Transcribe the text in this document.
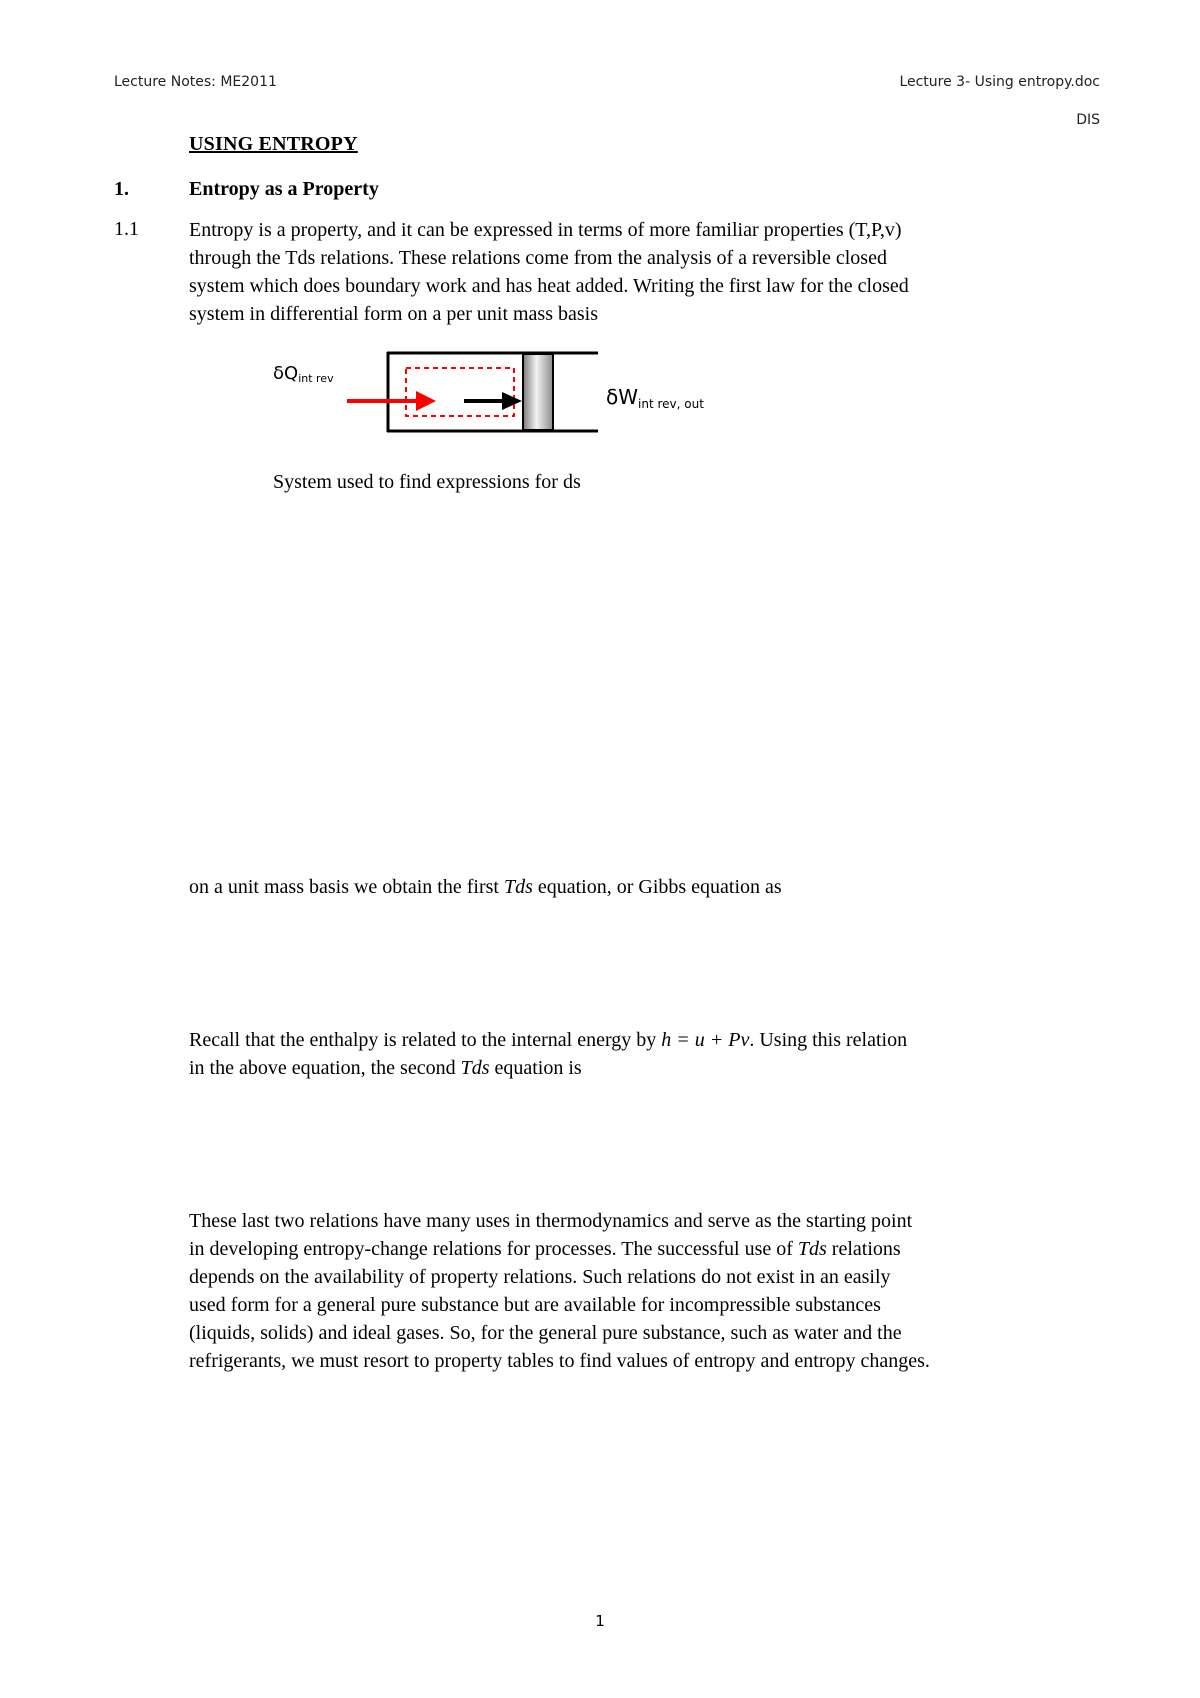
Lecture Notes: ME2011	Lecture 3- Using entropy.doc
DIS
USING ENTROPY
1.	Entropy as a Property
1.1	Entropy is a property, and it can be expressed in terms of more familiar properties (T,P,v)
through the Tds relations. These relations come from the analysis of a reversible closed
system which does boundary work and has heat added. Writing the first law for the closed
system in differential form on a per unit mass basis

$\delta Q_{int rev}$
$\delta W_{int rev, out}$

System used to find expressions for ds

on a unit mass basis we obtain the first Tds equation, or Gibbs equation as

Recall that the enthalpy is related to the internal energy by h = u + Pv. Using this relation
in the above equation, the second Tds equation is

These last two relations have many uses in thermodynamics and serve as the starting point
in developing entropy-change relations for processes. The successful use of Tds relations
depends on the availability of property relations. Such relations do not exist in an easily
used form for a general pure substance but are available for incompressible substances
(liquids, solids) and ideal gases. So, for the general pure substance, such as water and the
refrigerants, we must resort to property tables to find values of entropy and entropy changes.

1
